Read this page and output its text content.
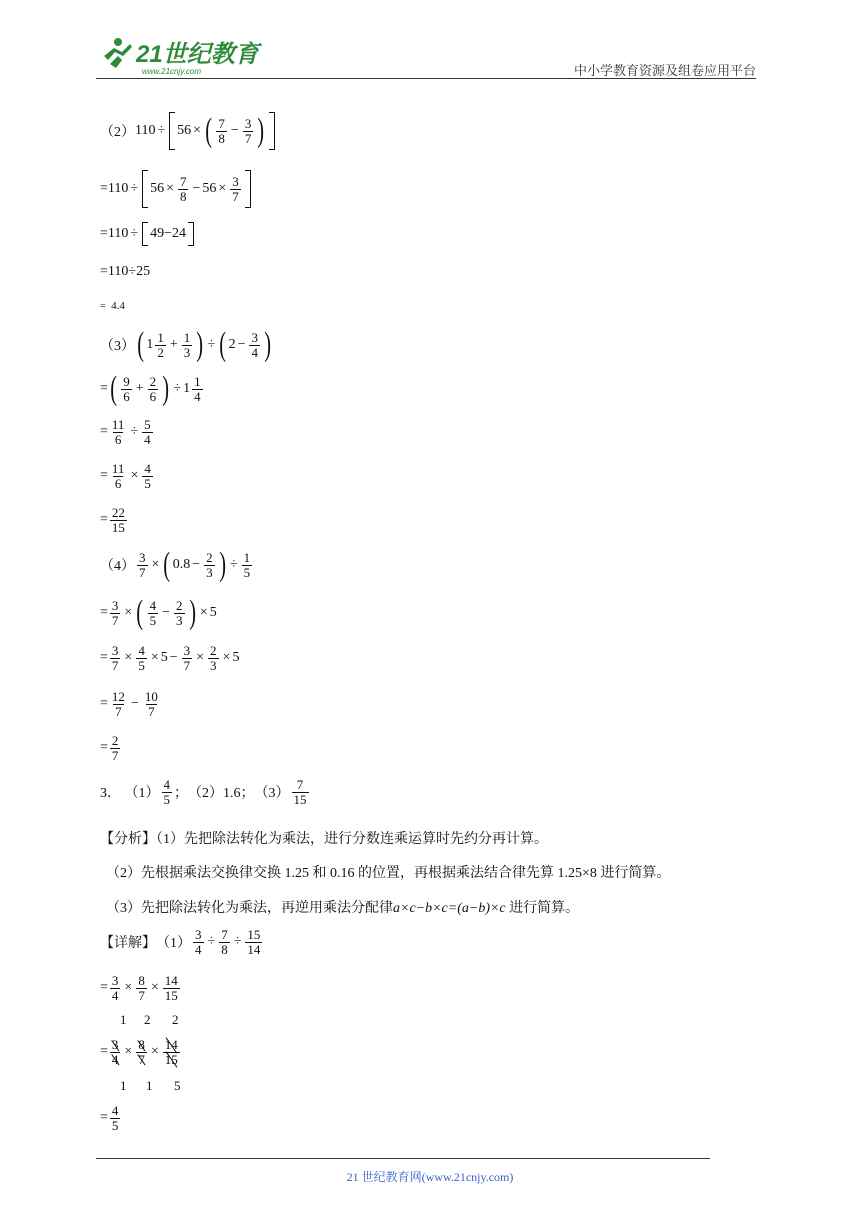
21世纪教育
www.21cnjy.com	中小学教育资源及组卷应用平台
（2） 110 ÷ 56 × ( 7
$8 - \frac{3}{7}$ )
= $110 \div 56 \times \frac{7}{8} - 56 \times \frac{3}{7}$
= 110 ÷ 49−24
= 110÷25
=
4.4
（3） ( 1 1
$2 + \frac{1}{3}$ ) ÷ ( $2 - \frac{3}{4}$ )
= ( 9
$6 + \frac{2}{6}$ ) ÷ 1 1
4
= $\frac{11}{6} \div \frac{5}{4}$
= $\frac{11}{6} \times \frac{4}{5}$
= $\frac{22}{15}$
$(4) \frac{3}{7}$ × ( $0.8 - \frac{2}{3}$ ) ÷ $\frac{1}{5}$
= $\frac{3}{7}$ × ( 4
$5 - \frac{2}{3}$ ) × 5
= $\frac{3}{7} \times \frac{4}{5} \times 5 - \frac{3}{7} \times \frac{2}{3} \times 5$
= $\frac{12}{7} - \frac{10}{7}$
= $\frac{2}{7}$
3．
（1）
4
5 ； （2）1.6； （3）
7
15
【分析】（1）先把除法转化为乘法，进行分数连乘运算时先约分再计算。
（2）先根据乘法交换律交换 1.25 和 0.16 的位置，再根据乘法结合律先算 1.25×8 进行简算。
（3）先把除法转化为乘法，再逆用乘法分配律a×c−b×c=(a−b)×c 进行简算。
【详解】 $(1) \frac{3}{4} \div \frac{7}{8} \div \frac{15}{14}$
= $\frac{3}{4} \times \frac{8}{7} \times \frac{14}{15}$
1 2 2
= $\frac{3}{4} \times \frac{8}{7} \times \frac{14}{15}$
1 1 5
= $\frac{4}{5}$
21 世纪教育网(www.21cnjy.com)
